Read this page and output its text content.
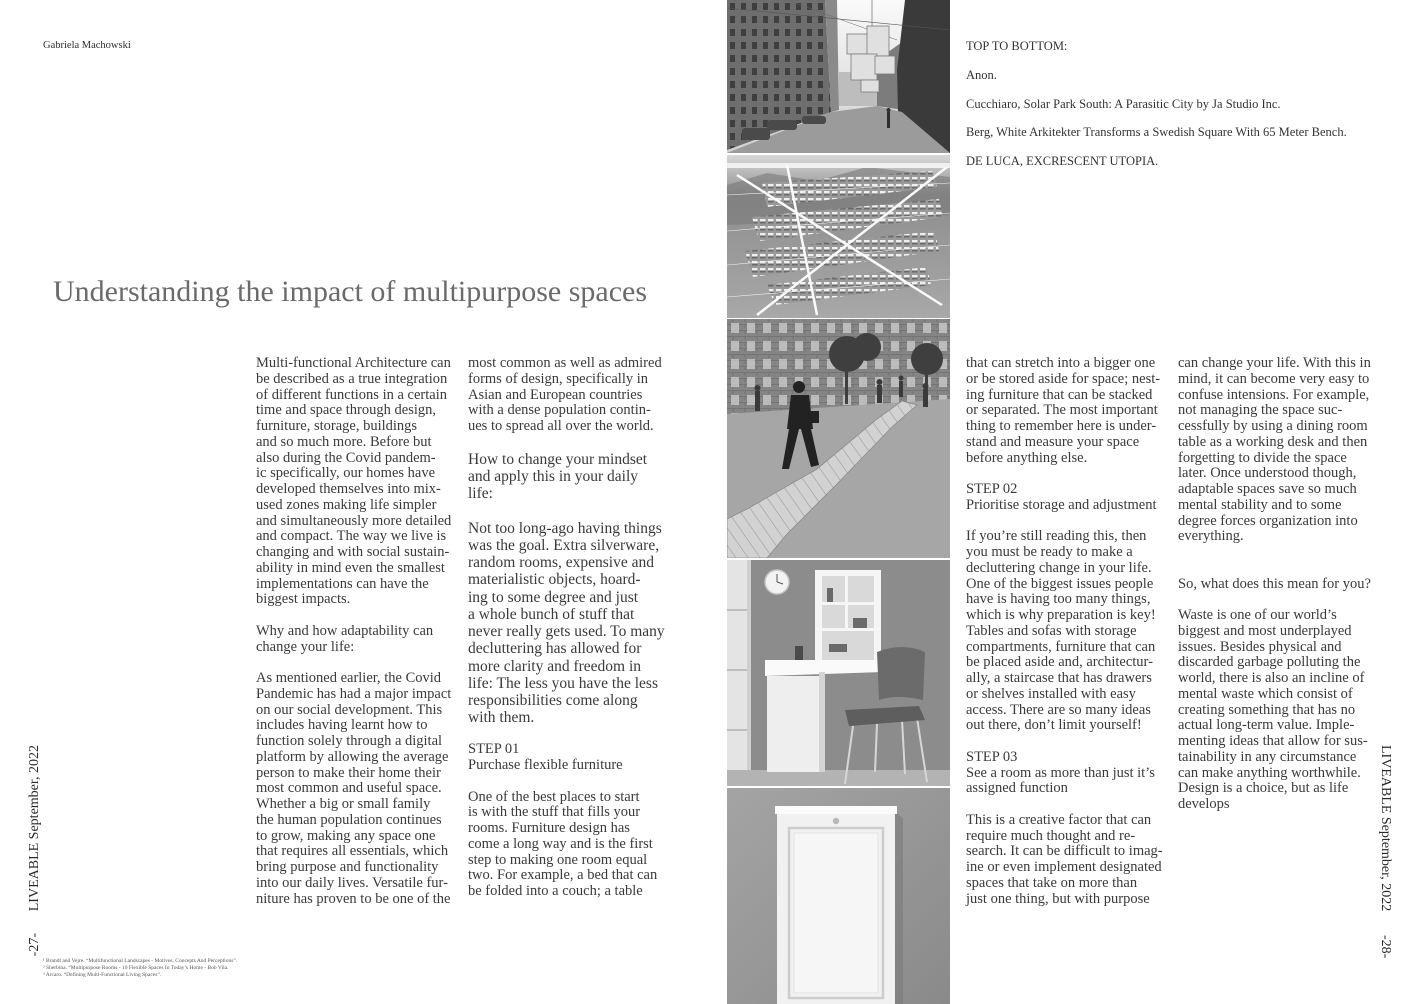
Gabriela Machowski
Understanding the impact of multipurpose spaces

Multi-functional Architecture can
be described as a true integration
of different functions in a certain
time and space through design,
furniture, storage, buildings
and so much more. Before but
also during the Covid pandem-
ic specifically, our homes have
developed themselves into mix-
used zones making life simpler
and simultaneously more detailed
and compact. The way we live is
changing and with social sustain-
ability in mind even the smallest
implementations can have the
biggest impacts.

Why and how adaptability can
change your life:

As mentioned earlier, the Covid
Pandemic has had a major impact
on our social development. This
includes having learnt how to
function solely through a digital
platform by allowing the average
person to make their home their
most common and useful space.
Whether a big or small family
the human population continues
to grow, making any space one
that requires all essentials, which
bring purpose and functionality
into our daily lives. Versatile fur-
niture has proven to be one of the

most common as well as admired
forms of design, specifically in
Asian and European countries
with a dense population contin-
ues to spread all over the world.

How to change your mindset
and apply this in your daily
life:

Not too long-ago having things
was the goal. Extra silverware,
random rooms, expensive and
materialistic objects, hoard-
ing to some degree and just
a whole bunch of stuff that
never really gets used. To many
decluttering has allowed for
more clarity and freedom in
life: The less you have the less
responsibilities come along
with them.

STEP 01
Purchase flexible furniture

One of the best places to start
is with the stuff that fills your
rooms. Furniture design has
come a long way and is the first
step to making one room equal
two. For example, a bed that can
be folded into a couch; a table

LIVEABLE September, 2022
-27-
¹ Brandt and Vejre. “Multifunctional Landscapes - Motives, Concepts And Perceptions”.
² Sherbina. “Multipurpose Rooms - 10 Flexible Spaces In Today’s Home - Bob Vila.
³ Arcaro. “Defining Multi-Functional Living Spaces”.
TOP TO BOTTOM:
Anon.
Cucchiaro, Solar Park South: A Parasitic City by Ja Studio Inc.
Berg, White Arkitekter Transforms a Swedish Square With 65 Meter Bench.
DE LUCA, EXCRESCENT UTOPIA.

that can stretch into a bigger one
or be stored aside for space; nest-
ing furniture that can be stacked
or separated. The most important
thing to remember here is under-
stand and measure your space
before anything else.

STEP 02
Prioritise storage and adjustment

If you’re still reading this, then
you must be ready to make a
decluttering change in your life.
One of the biggest issues people
have is having too many things,
which is why preparation is key!
Tables and sofas with storage
compartments, furniture that can
be placed aside and, architectur-
ally, a staircase that has drawers
or shelves installed with easy
access. There are so many ideas
out there, don’t limit yourself!

STEP 03
See a room as more than just it’s
assigned function

This is a creative factor that can
require much thought and re-
search. It can be difficult to imag-
ine or even implement designated
spaces that take on more than
just one thing, but with purpose

can change your life. With this in
mind, it can become very easy to
confuse intensions. For example,
not managing the space suc-
cessfully by using a dining room
table as a working desk and then
forgetting to divide the space
later. Once understood though,
adaptable spaces save so much
mental stability and to some
degree forces organization into
everything.

So, what does this mean for you?

Waste is one of our world’s
biggest and most underplayed
issues. Besides physical and
discarded garbage polluting the
world, there is also an incline of
mental waste which consist of
creating something that has no
actual long-term value. Imple-
menting ideas that allow for sus-
tainability in any circumstance
can make anything worthwhile.
Design is a choice, but as life
develops	LIVEABLE September, 2022
-28-
